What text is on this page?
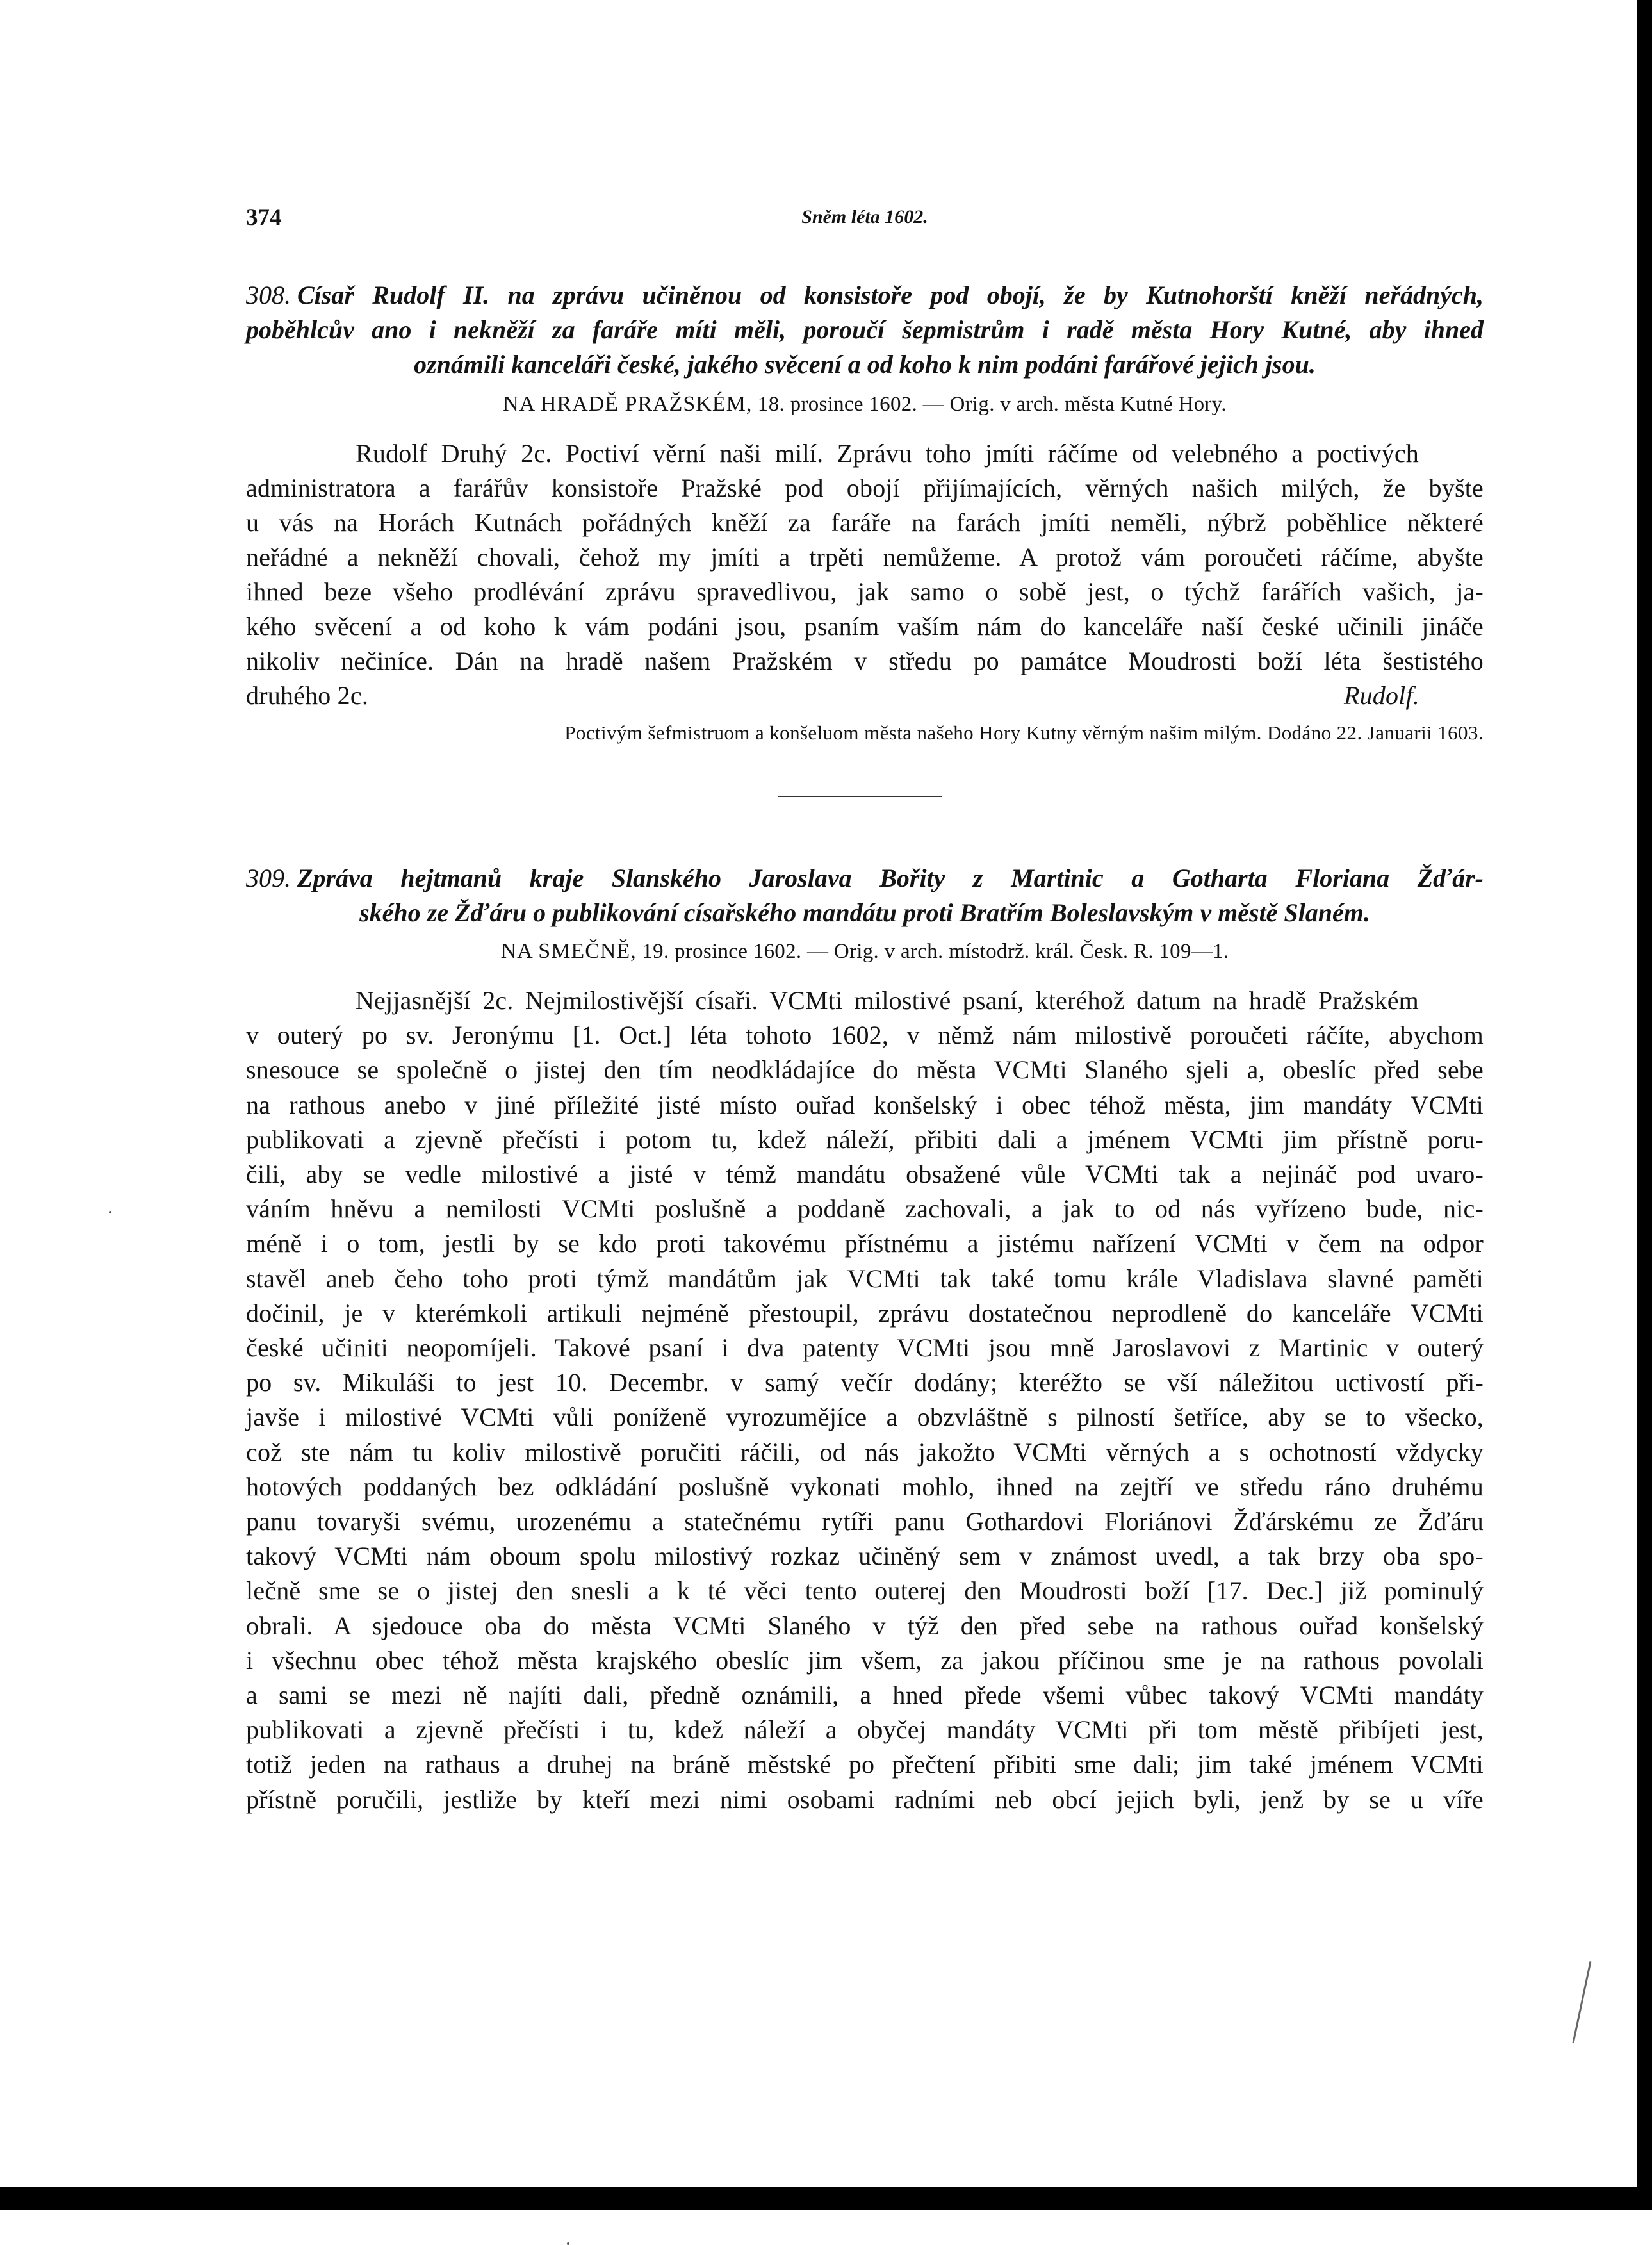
374	Sněm léta 1602.
308. Císař Rudolf II. na zprávu učiněnou od konsistoře pod obojí, že by Kutnohorští kněží neřádných,
poběhlcův ano i nekněží za faráře míti měli, poroučí šepmistrům i radě města Hory Kutné, aby ihned
oznámili kanceláři české, jakého svěcení a od koho k nim podáni farářové jejich jsou.
NA HRADĚ PRAŽSKÉM, 18. prosince 1602. — Orig. v arch. města Kutné Hory.
Rudolf Druhý 2c. Poctiví věrní naši milí. Zprávu toho jmíti ráčíme od velebného a poctivých
administratora a farářův konsistoře Pražské pod obojí přijímajících, věrných našich milých, že byšte
u vás na Horách Kutnách pořádných kněží za faráře na farách jmíti neměli, nýbrž poběhlice některé
neřádné a nekněží chovali, čehož my jmíti a trpěti nemůžeme. A protož vám poroučeti ráčíme, abyšte
ihned beze všeho prodlévání zprávu spravedlivou, jak samo o sobě jest, o týchž farářích vašich, ja-
kého svěcení a od koho k vám podáni jsou, psaním vaším nám do kanceláře naší české učinili jináče
nikoliv nečiníce. Dán na hradě našem Pražském v středu po památce Moudrosti boží léta šestistého
druhého 2c.	Rudolf.
Poctivým šefmistruom a konšeluom města našeho Hory Kutny věrným našim milým. Dodáno 22. Januarii 1603.
309. Zpráva hejtmanů kraje Slanského Jaroslava Bořity z Martinic a Gotharta Floriana Žďár-
ského ze Žďáru o publikování císařského mandátu proti Bratřím Boleslavským v městě Slaném.
NA SMEČNĚ, 19. prosince 1602. — Orig. v arch. místodrž. král. Česk. R. 109—1.
Nejjasnější 2c. Nejmilostivější císaři. VCMti milostivé psaní, kteréhož datum na hradě Pražském
v outerý po sv. Jeronýmu [1. Oct.] léta tohoto 1602, v němž nám milostivě poroučeti ráčíte, abychom
snesouce se společně o jistej den tím neodkládajíce do města VCMti Slaného sjeli a, obeslíc před sebe
na rathous anebo v jiné příležité jisté místo ouřad konšelský i obec téhož města, jim mandáty VCMti
publikovati a zjevně přečísti i potom tu, kdež náleží, přibiti dali a jménem VCMti jim přístně poru-
čili, aby se vedle milostivé a jisté v témž mandátu obsažené vůle VCMti tak a nejináč pod uvaro-
váním hněvu a nemilosti VCMti poslušně a poddaně zachovali, a jak to od nás vyřízeno bude, nic-
méně i o tom, jestli by se kdo proti takovému přístnému a jistému nařízení VCMti v čem na odpor
stavěl aneb čeho toho proti týmž mandátům jak VCMti tak také tomu krále Vladislava slavné paměti
dočinil, je v kterémkoli artikuli nejméně přestoupil, zprávu dostatečnou neprodleně do kanceláře VCMti
české učiniti neopomíjeli. Takové psaní i dva patenty VCMti jsou mně Jaroslavovi z Martinic v outerý
po sv. Mikuláši to jest 10. Decembr. v samý večír dodány; kteréžto se vší náležitou uctivostí při-
javše i milostivé VCMti vůli poníženě vyrozumějíce a obzvláštně s pilností šetříce, aby se to všecko,
což ste nám tu koliv milostivě poručiti ráčili, od nás jakožto VCMti věrných a s ochotností vždycky
hotových poddaných bez odkládání poslušně vykonati mohlo, ihned na zejtří ve středu ráno druhému
panu tovaryši svému, urozenému a statečnému rytíři panu Gothardovi Floriánovi Žďárskému ze Žďáru
takový VCMti nám oboum spolu milostivý rozkaz učiněný sem v známost uvedl, a tak brzy oba spo-
lečně sme se o jistej den snesli a k té věci tento outerej den Moudrosti boží [17. Dec.] již pominulý
obrali. A sjedouce oba do města VCMti Slaného v týž den před sebe na rathous ouřad konšelský
i všechnu obec téhož města krajského obeslíc jim všem, za jakou příčinou sme je na rathous povolali
a sami se mezi ně najíti dali, předně oznámili, a hned přede všemi vůbec takový VCMti mandáty
publikovati a zjevně přečísti i tu, kdež náleží a obyčej mandáty VCMti při tom městě přibíjeti jest,
totiž jeden na rathaus a druhej na bráně městské po přečtení přibiti sme dali; jim také jménem VCMti
přístně poručili, jestliže by kteří mezi nimi osobami radními neb obcí jejich byli, jenž by se u víře
